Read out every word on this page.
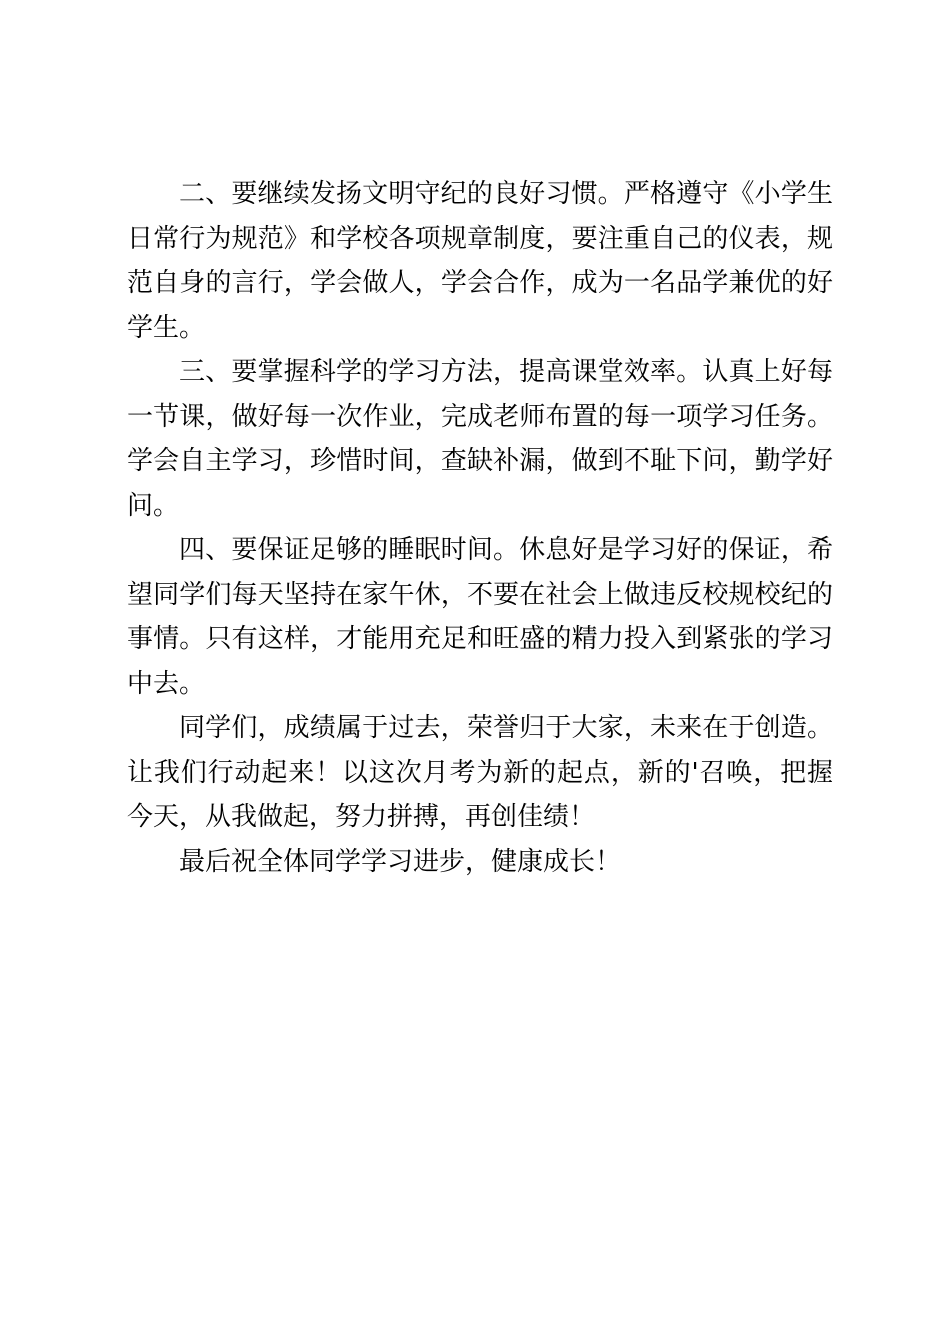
二、要继续发扬文明守纪的良好习惯。严格遵守《小学生日常行为规范》和学校各项规章制度，要注重自己的仪表，规范自身的言行，学会做人，学会合作，成为一名品学兼优的好学生。

三、要掌握科学的学习方法，提高课堂效率。认真上好每一节课，做好每一次作业，完成老师布置的每一项学习任务。学会自主学习，珍惜时间，查缺补漏，做到不耻下问，勤学好问。

四、要保证足够的睡眠时间。休息好是学习好的保证，希望同学们每天坚持在家午休，不要在社会上做违反校规校纪的事情。只有这样，才能用充足和旺盛的精力投入到紧张的学习中去。

同学们，成绩属于过去，荣誉归于大家，未来在于创造。让我们行动起来！以这次月考为新的起点，新的'召唤，把握今天，从我做起，努力拼搏，再创佳绩！

最后祝全体同学学习进步，健康成长！
